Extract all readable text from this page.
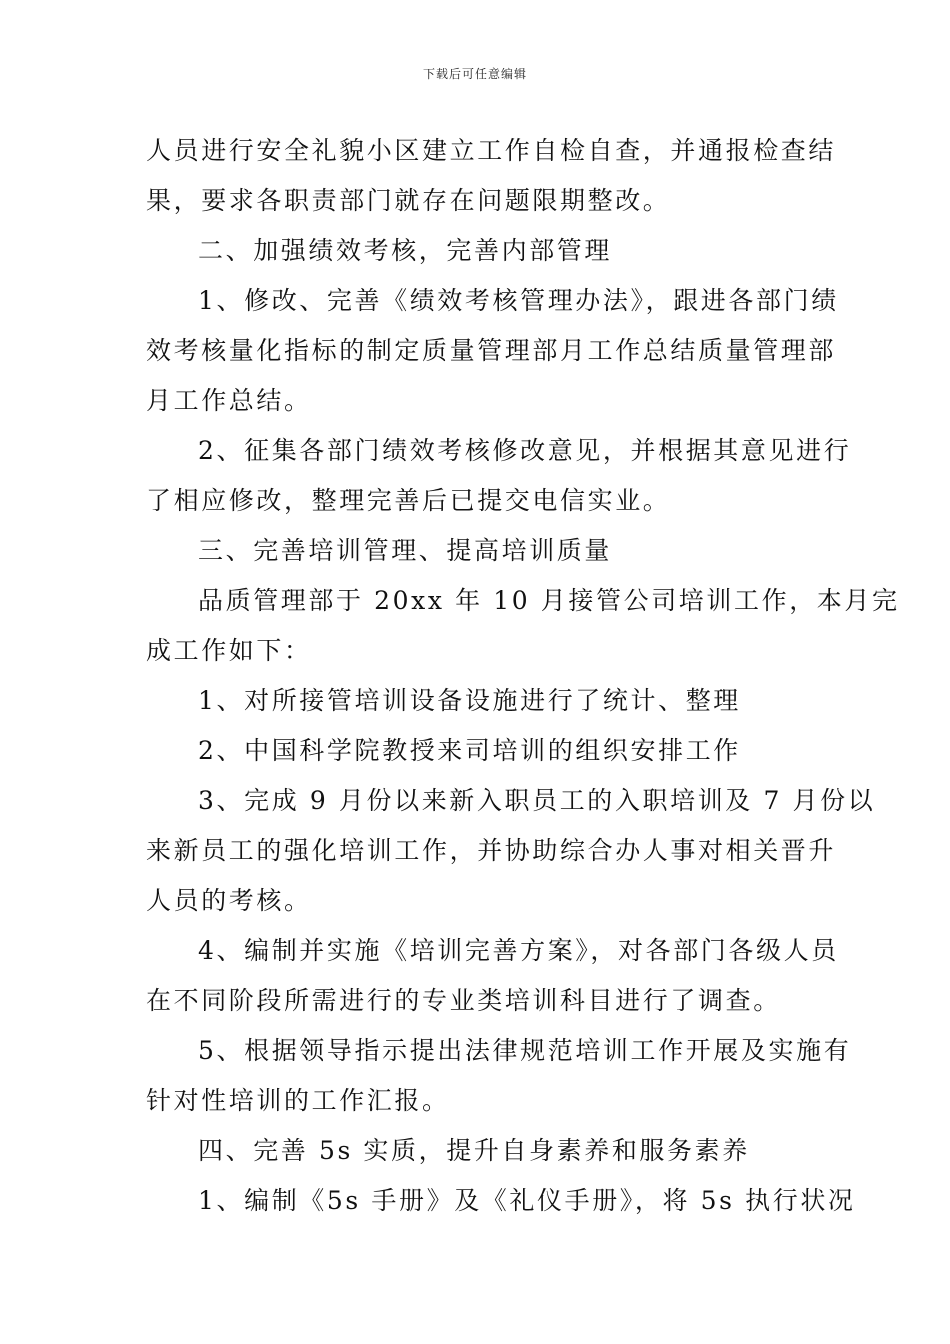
下载后可任意编辑
人员进行安全礼貌小区建立工作自检自查，并通报检查结
果，要求各职责部门就存在问题限期整改。
二、加强绩效考核，完善内部管理
1、修改、完善《绩效考核管理办法》，跟进各部门绩
效考核量化指标的制定质量管理部月工作总结质量管理部
月工作总结。
2、征集各部门绩效考核修改意见，并根据其意见进行
了相应修改，整理完善后已提交电信实业。
三、完善培训管理、提高培训质量
品质管理部于 20xx 年 10 月接管公司培训工作，本月完
成工作如下：
1、对所接管培训设备设施进行了统计、整理
2、中国科学院教授来司培训的组织安排工作
3、完成 9 月份以来新入职员工的入职培训及 7 月份以
来新员工的强化培训工作，并协助综合办人事对相关晋升
人员的考核。
4、编制并实施《培训完善方案》，对各部门各级人员
在不同阶段所需进行的专业类培训科目进行了调查。
5、根据领导指示提出法律规范培训工作开展及实施有
针对性培训的工作汇报。
四、完善 5s 实质，提升自身素养和服务素养
1、编制《5s 手册》及《礼仪手册》，将 5s 执行状况
